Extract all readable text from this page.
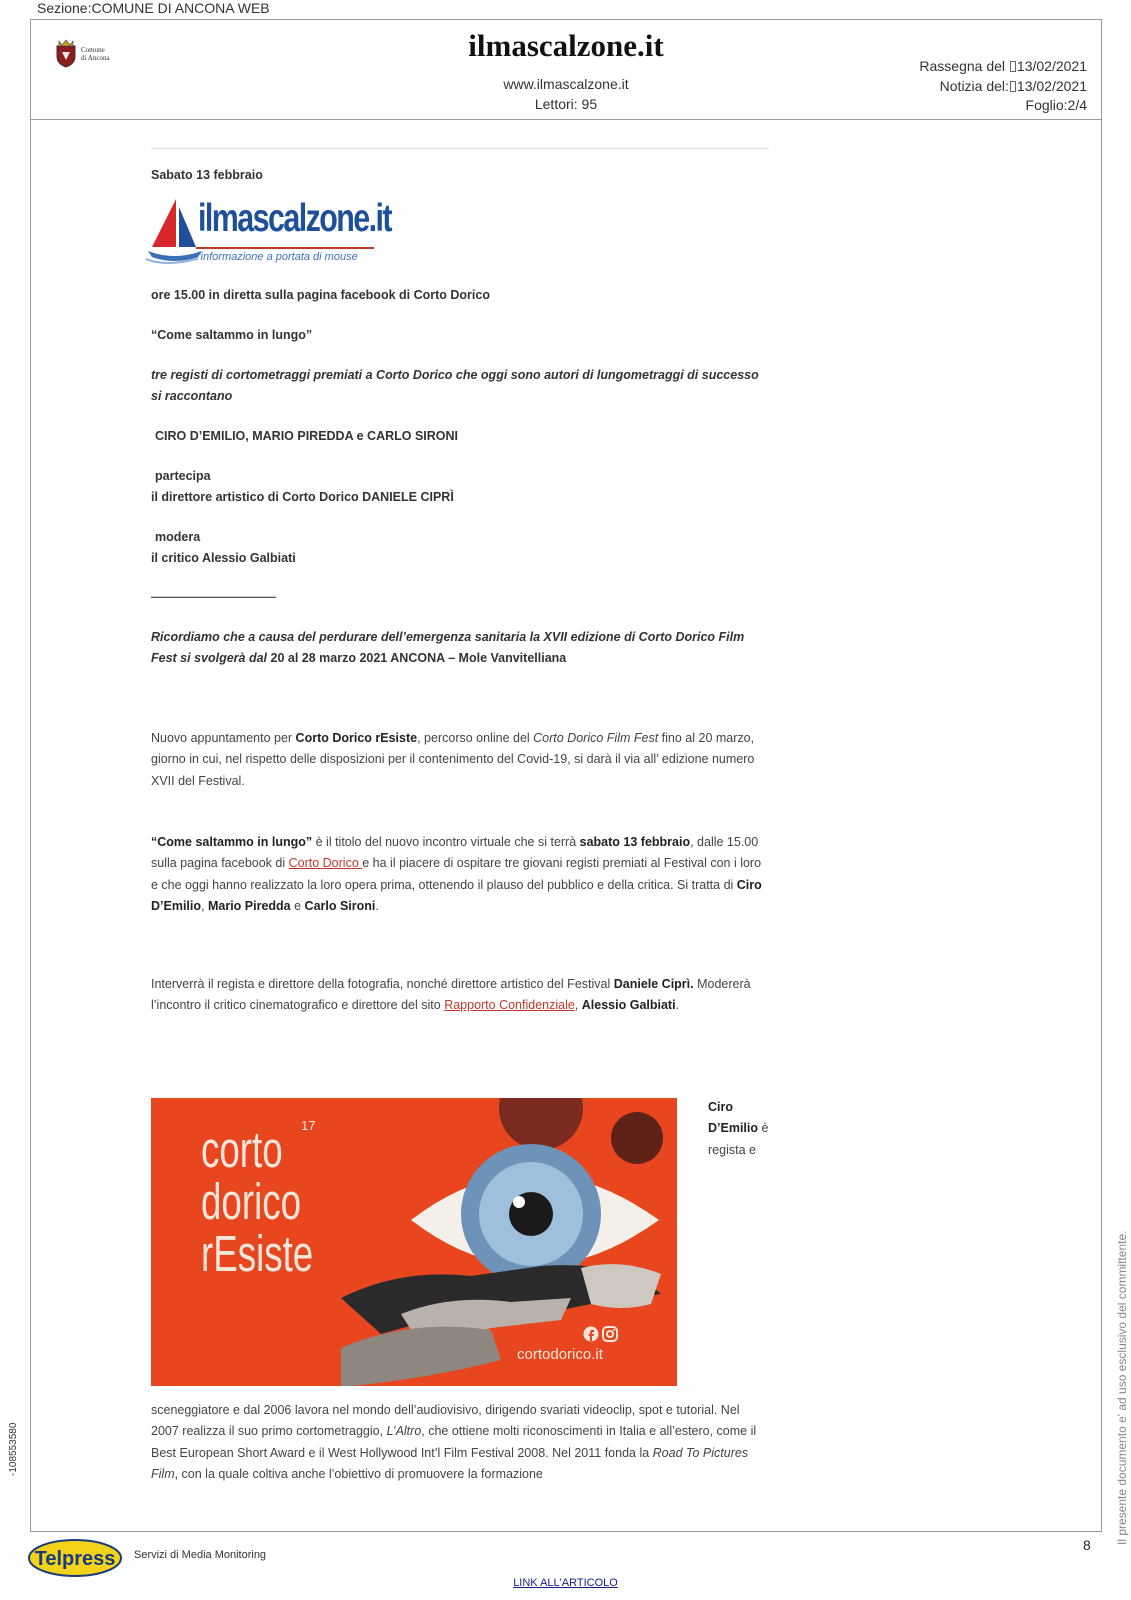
Sezione:COMUNE DI ANCONA WEB
Comune
di Ancona	ilmascalzone.it
www.ilmascalzone.it
Lettori: 95
Rassegna del 13/02/2021
Notizia del: 13/02/2021
Foglio:2/4
Sabato 13 febbraio
ilmascalzone.it
l'informazione a portata di mouse
ore 15.00 in diretta sulla pagina facebook di Corto Dorico
“Come saltammo in lungo”
tre registi di cortometraggi premiati a Corto Dorico che oggi sono autori di lungometraggi di successo
si raccontano
CIRO D’EMILIO, MARIO PIREDDA e CARLO SIRONI
partecipa
il direttore artistico di Corto Dorico DANIELE CIPRÌ
modera
il critico Alessio Galbiati
——————————
Ricordiamo che a causa del perdurare dell’emergenza sanitaria la XVII edizione di Corto Dorico Film
Fest si svolgerà dal 20 al 28 marzo 2021 ANCONA – Mole Vanvitelliana
Nuovo appuntamento per Corto Dorico rEsiste, percorso online del Corto Dorico Film Fest fino al 20 marzo, giorno in cui, nel rispetto delle disposizioni per il contenimento del Covid-19, si darà il via all’ edizione numero XVII del Festival.
“Come saltammo in lungo” è il titolo del nuovo incontro virtuale che si terrà sabato 13 febbraio, dalle 15.00 sulla pagina facebook di Corto Dorico e ha il piacere di ospitare tre giovani registi premiati al Festival con i loro e che oggi hanno realizzato la loro opera prima, ottenendo il plauso del pubblico e della critica. Si tratta di Ciro D’Emilio, Mario Piredda e Carlo Sironi.
Interverrà il regista e direttore della fotografia, nonché direttore artistico del Festival Daniele Ciprì. Modererà l’incontro il critico cinematografico e direttore del sito Rapporto Confidenziale, Alessio Galbiati.
corto
dorico
rEsiste
17
cortodorico.it
Ciro D’Emilio è regista e
sceneggiatore e dal 2006 lavora nel mondo dell’audiovisivo, dirigendo svariati videoclip, spot e tutorial. Nel 2007 realizza il suo primo cortometraggio, L’Altro, che ottiene molti riconoscimenti in Italia e all’estero, come il Best European Short Award e il West Hollywood Int’l Film Festival 2008. Nel 2011 fonda la Road To Pictures Film, con la quale coltiva anche l’obiettivo di promuovere la formazione
-108553580	Il presente documento e' ad uso esclusivo del committente.
Telpress Servizi di Media Monitoring
8
LINK ALL'ARTICOLO
